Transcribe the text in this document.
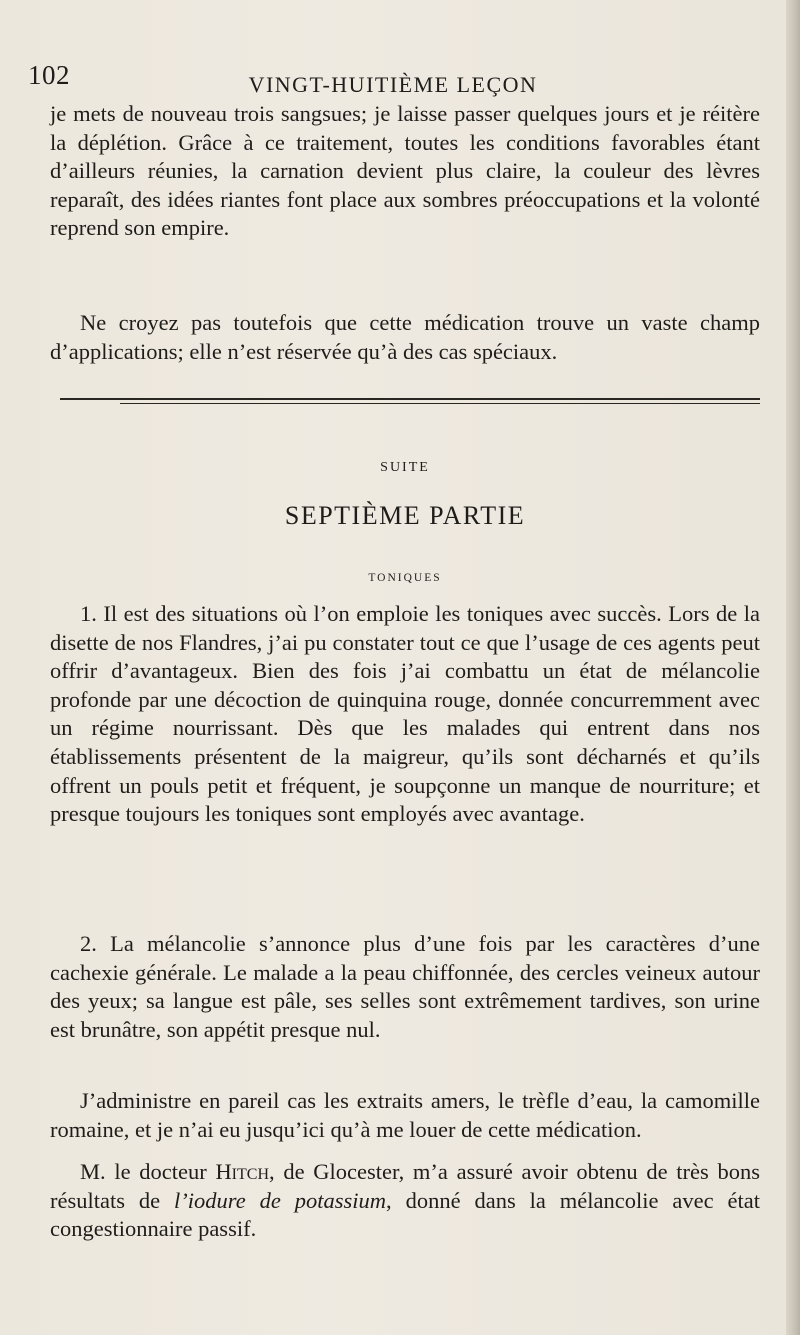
102	VINGT-HUITIÈME LEÇON

je mets de nouveau trois sangsues; je laisse passer quelques jours et je réitère la déplétion. Grâce à ce traitement, toutes les conditions favorables étant d’ailleurs réunies, la carnation devient plus claire, la couleur des lèvres reparaît, des idées riantes font place aux sombres préoccupations et la volonté reprend son empire.

Ne croyez pas toutefois que cette médication trouve un vaste champ d’applications; elle n’est réservée qu’à des cas spéciaux.

SUITE
SEPTIÈME PARTIE
TONIQUES

1. Il est des situations où l’on emploie les toniques avec succès. Lors de la disette de nos Flandres, j’ai pu constater tout ce que l’usage de ces agents peut offrir d’avantageux. Bien des fois j’ai combattu un état de mélancolie profonde par une décoction de quinquina rouge, donnée concurremment avec un régime nourrissant. Dès que les malades qui entrent dans nos établissements présentent de la maigreur, qu’ils sont décharnés et qu’ils offrent un pouls petit et fréquent, je soupçonne un manque de nourriture; et presque toujours les toniques sont employés avec avantage.

2. La mélancolie s’annonce plus d’une fois par les caractères d’une cachexie générale. Le malade a la peau chiffonnée, des cercles veineux autour des yeux; sa langue est pâle, ses selles sont extrêmement tardives, son urine est brunâtre, son appétit presque nul.

J’administre en pareil cas les extraits amers, le trèfle d’eau, la camomille romaine, et je n’ai eu jusqu’ici qu’à me louer de cette médication.

M. le docteur Hitch, de Glocester, m’a assuré avoir obtenu de très bons résultats de l’iodure de potassium, donné dans la mélancolie avec état congestionnaire passif.
